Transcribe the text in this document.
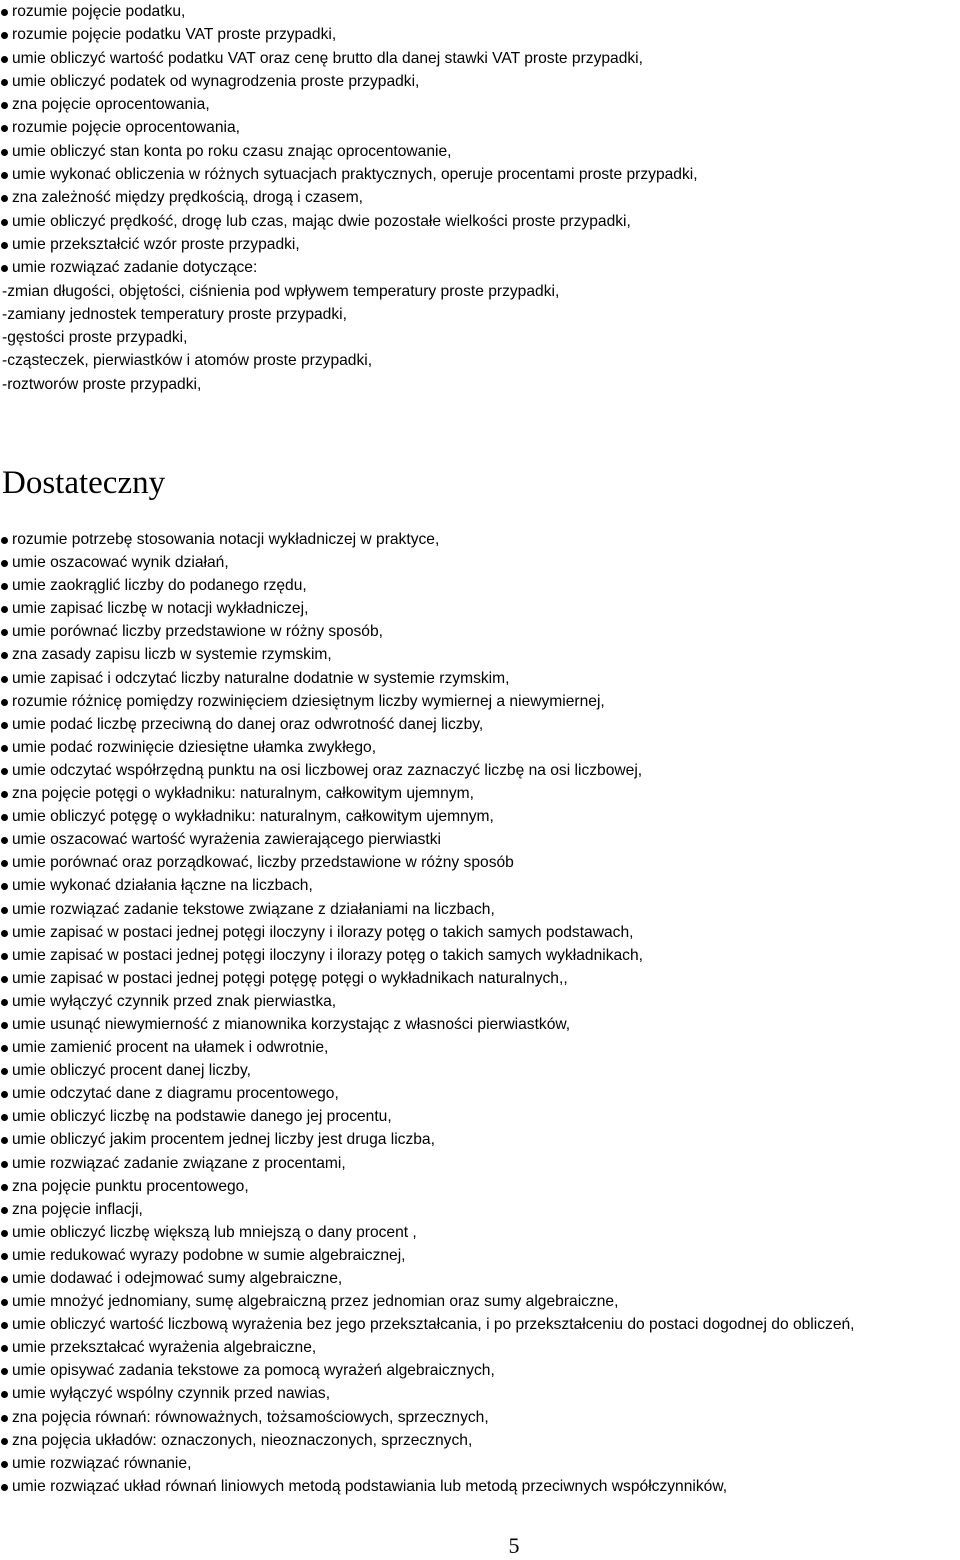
rozumie pojęcie podatku,
rozumie pojęcie podatku VAT proste przypadki,
umie obliczyć wartość podatku VAT oraz cenę brutto dla danej stawki VAT proste przypadki,
umie obliczyć podatek od wynagrodzenia proste przypadki,
zna pojęcie oprocentowania,
rozumie pojęcie oprocentowania,
umie obliczyć stan konta po roku czasu znając oprocentowanie,
umie wykonać obliczenia w różnych sytuacjach praktycznych, operuje procentami proste przypadki,
zna zależność między prędkością, drogą i czasem,
umie obliczyć prędkość, drogę lub czas, mając dwie pozostałe wielkości proste przypadki,
umie przekształcić wzór proste przypadki,
umie rozwiązać zadanie dotyczące:
-zmian długości, objętości, ciśnienia pod wpływem temperatury proste przypadki,
-zamiany jednostek temperatury proste przypadki,
-gęstości proste przypadki,
-cząsteczek, pierwiastków i atomów proste przypadki,
-roztworów proste przypadki,
Dostateczny
rozumie potrzebę stosowania notacji wykładniczej w praktyce,
umie oszacować wynik działań,
umie zaokrąglić liczby do podanego rzędu,
umie zapisać liczbę w notacji wykładniczej,
umie porównać liczby przedstawione w różny sposób,
zna zasady zapisu liczb w systemie rzymskim,
umie zapisać i odczytać liczby naturalne dodatnie w systemie rzymskim,
rozumie różnicę pomiędzy rozwinięciem dziesiętnym liczby wymiernej a niewymiernej,
umie podać liczbę przeciwną do danej oraz odwrotność danej liczby,
umie podać rozwinięcie dziesiętne ułamka zwykłego,
umie odczytać współrzędną punktu na osi liczbowej oraz zaznaczyć liczbę na osi liczbowej,
zna pojęcie potęgi o wykładniku: naturalnym, całkowitym ujemnym,
umie obliczyć potęgę o wykładniku: naturalnym, całkowitym ujemnym,
umie oszacować wartość wyrażenia zawierającego pierwiastki
umie porównać oraz porządkować, liczby przedstawione w różny sposób
umie wykonać działania łączne na liczbach,
umie rozwiązać zadanie tekstowe związane z działaniami na liczbach,
umie zapisać w postaci jednej potęgi iloczyny i ilorazy potęg o takich samych podstawach,
umie zapisać w postaci jednej potęgi iloczyny i ilorazy potęg o takich samych wykładnikach,
umie zapisać w postaci jednej potęgi potęgę potęgi o wykładnikach naturalnych,,
umie wyłączyć czynnik przed znak pierwiastka,
umie usunąć niewymierność z mianownika korzystając z własności pierwiastków,
umie zamienić procent na ułamek i odwrotnie,
umie obliczyć procent danej liczby,
umie odczytać dane z diagramu procentowego,
umie obliczyć liczbę na podstawie danego jej procentu,
umie obliczyć jakim procentem jednej liczby jest druga liczba,
umie rozwiązać zadanie związane z procentami,
zna pojęcie punktu procentowego,
zna pojęcie inflacji,
umie obliczyć liczbę większą lub mniejszą o dany procent ,
umie redukować wyrazy podobne w sumie algebraicznej,
umie dodawać i odejmować sumy algebraiczne,
umie mnożyć jednomiany, sumę algebraiczną przez jednomian oraz sumy algebraiczne,
umie obliczyć wartość liczbową wyrażenia bez jego przekształcania, i po przekształceniu do postaci dogodnej do obliczeń,
umie przekształcać wyrażenia algebraiczne,
umie opisywać zadania tekstowe za pomocą wyrażeń algebraicznych,
umie wyłączyć wspólny czynnik przed nawias,
zna pojęcia równań: równoważnych, tożsamościowych, sprzecznych,
zna pojęcia układów: oznaczonych, nieoznaczonych, sprzecznych,
umie rozwiązać równanie,
umie rozwiązać układ równań liniowych metodą podstawiania lub metodą przeciwnych współczynników,
5
